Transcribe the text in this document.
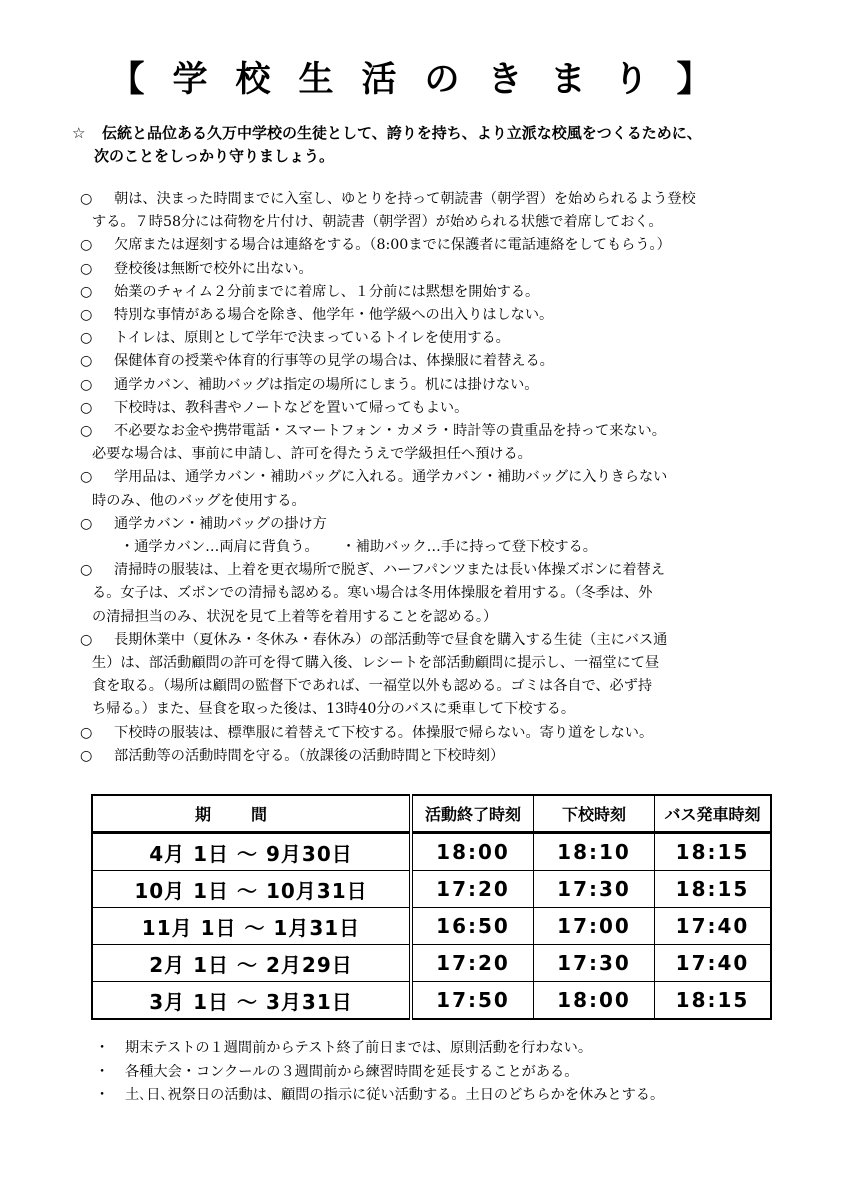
【学校生活のきまり】
☆ 伝統と品位ある久万中学校の生徒として、誇りを持ち、より立派な校風をつくるために、
次のことをしっかり守りましょう。
○ 朝は、決まった時間までに入室し、ゆとりを持って朝読書（朝学習）を始められるよう登校
する。７時58分には荷物を片付け、朝読書（朝学習）が始められる状態で着席しておく。
○ 欠席または遅刻する場合は連絡をする。（8:00までに保護者に電話連絡をしてもらう。）
○ 登校後は無断で校外に出ない。
○ 始業のチャイム２分前までに着席し、１分前には黙想を開始する。
○ 特別な事情がある場合を除き、他学年・他学級への出入りはしない。
○ トイレは、原則として学年で決まっているトイレを使用する。
○ 保健体育の授業や体育的行事等の見学の場合は、体操服に着替える。
○ 通学カバン、補助バッグは指定の場所にしまう。机には掛けない。
○ 下校時は、教科書やノートなどを置いて帰ってもよい。
○ 不必要なお金や携帯電話・スマートフォン・カメラ・時計等の貴重品を持って来ない。
必要な場合は、事前に申請し、許可を得たうえで学級担任へ預ける。
○ 学用品は、通学カバン・補助バッグに入れる。通学カバン・補助バッグに入りきらない
時のみ、他のバッグを使用する。
○ 通学カバン・補助バッグの掛け方
・通学カバン…両肩に背負う。 ・補助バック…手に持って登下校する。
○ 清掃時の服装は、上着を更衣場所で脱ぎ、ハーフパンツまたは長い体操ズボンに着替え
る。女子は、ズボンでの清掃も認める。寒い場合は冬用体操服を着用する。（冬季は、外
の清掃担当のみ、状況を見て上着等を着用することを認める。）
○ 長期休業中（夏休み・冬休み・春休み）の部活動等で昼食を購入する生徒（主にバス通
生）は、部活動顧問の許可を得て購入後、レシートを部活動顧問に提示し、一福堂にて昼
食を取る。（場所は顧問の監督下であれば、一福堂以外も認める。ゴミは各自で、必ず持
ち帰る。）また、昼食を取った後は、13時40分のバスに乗車して下校する。
○ 下校時の服装は、標準服に着替えて下校する。体操服で帰らない。寄り道をしない。
○ 部活動等の活動時間を守る。（放課後の活動時間と下校時刻）
期間	活動終了時刻	下校時刻	バス発車時刻
4月 1日 ～ 9月30日	18:00	18:10	18:15
10月 1日 ～ 10月31日	17:20	17:30	18:15
11月 1日 ～ 1月31日	16:50	17:00	17:40
2月 1日 ～ 2月29日	17:20	17:30	17:40
3月 1日 ～ 3月31日	17:50	18:00	18:15
・ 期末テストの１週間前からテスト終了前日までは、原則活動を行わない。
・ 各種大会・コンクールの３週間前から練習時間を延長することがある。
・ 土､日､祝祭日の活動は、顧問の指示に従い活動する。土日のどちらかを休みとする。
